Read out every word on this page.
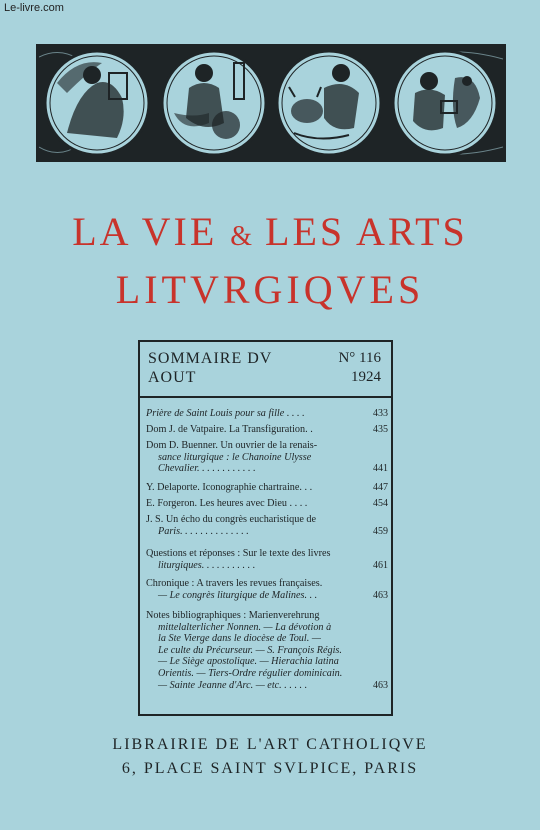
Le-livre.com
LA VIE & LES ARTS
LITVRGIQVES
SOMMAIRE DV	N° 116
AOUT	1924
Prière de Saint Louis pour sa fille . . . .	433
Dom J. de Vatpaire. La Transfiguration. .	435
Dom D. Buenner. Un ouvrier de la renais-
sance liturgique : le Chanoine Ulysse
Chevalier. . . . . . . . . . . .	441
Y. Delaporte. Iconographie chartraine. . .	447
E. Forgeron. Les heures avec Dieu . . . .	454
J. S. Un écho du congrès eucharistique de
Paris. . . . . . . . . . . . . .	459
Questions et réponses : Sur le texte des livres
liturgiques. . . . . . . . . . .	461
Chronique : A travers les revues françaises.
— Le congrès liturgique de Malines. . .	463
Notes bibliographiques : Marienverehrung
mittelalterlicher Nonnen. — La dévotion à
la Ste Vierge dans le diocèse de Toul. —
Le culte du Précurseur. — S. François Régis.
— Le Siège apostolique. — Hierachia latina
Orientis. — Tiers-Ordre régulier dominicain.
— Sainte Jeanne d'Arc. — etc. . . . . .	463
LIBRAIRIE DE L'ART CATHOLIQVE
6, PLACE SAINT SVLPICE, PARIS
